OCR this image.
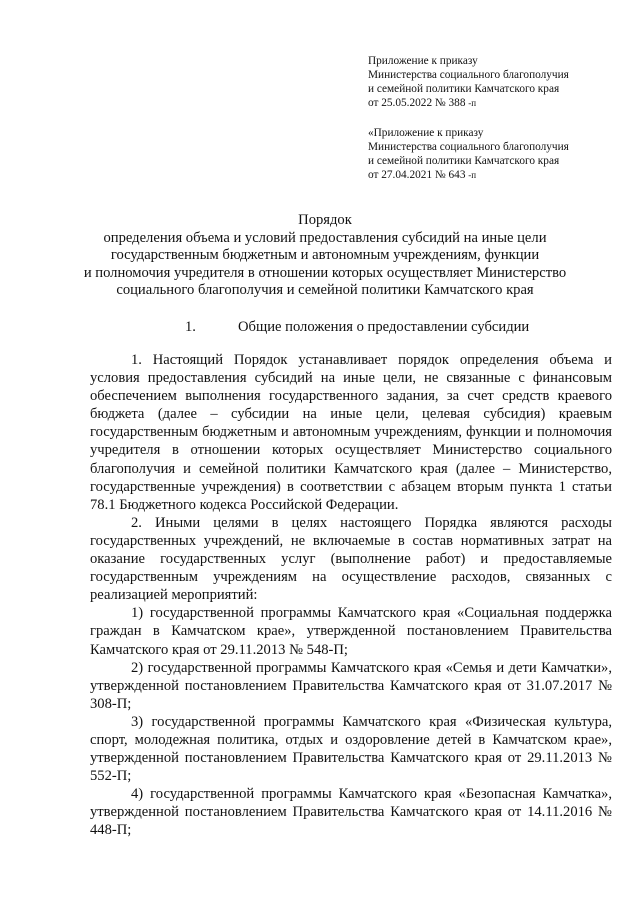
Приложение к приказу
Министерства социального благополучия
и семейной политики Камчатского края
от 25.05.2022 № 388 -п
«Приложение к приказу
Министерства социального благополучия
и семейной политики Камчатского края
от 27.04.2021 № 643 -п
Порядок
определения объема и условий предоставления субсидий на иные цели
государственным бюджетным и автономным учреждениям, функции
и полномочия учредителя в отношении которых осуществляет Министерство
социального благополучия и семейной политики Камчатского края
1.	Общие положения о предоставлении субсидии

1. Настоящий Порядок устанавливает порядок определения объема и условия предоставления субсидий на иные цели, не связанные с финансовым обеспечением выполнения государственного задания, за счет средств краевого бюджета (далее – субсидии на иные цели, целевая субсидия) краевым государственным бюджетным и автономным учреждениям, функции и полномочия учредителя в отношении которых осуществляет Министерство социального благополучия и семейной политики Камчатского края (далее – Министерство, государственные учреждения) в соответствии с абзацем вторым пункта 1 статьи 78.1 Бюджетного кодекса Российской Федерации.

2. Иными целями в целях настоящего Порядка являются расходы государственных учреждений, не включаемые в состав нормативных затрат на оказание государственных услуг (выполнение работ) и предоставляемые государственным учреждениям на осуществление расходов, связанных с реализацией мероприятий:

1) государственной программы Камчатского края «Социальная поддержка граждан в Камчатском крае», утвержденной постановлением Правительства Камчатского края от 29.11.2013 № 548-П;

2) государственной программы Камчатского края «Семья и дети Камчатки», утвержденной постановлением Правительства Камчатского края от 31.07.2017 № 308-П;

3) государственной программы Камчатского края «Физическая культура, спорт, молодежная политика, отдых и оздоровление детей в Камчатском крае», утвержденной постановлением Правительства Камчатского края от 29.11.2013 № 552-П;

4) государственной программы Камчатского края «Безопасная Камчатка», утвержденной постановлением Правительства Камчатского края от 14.11.2016 № 448-П;
